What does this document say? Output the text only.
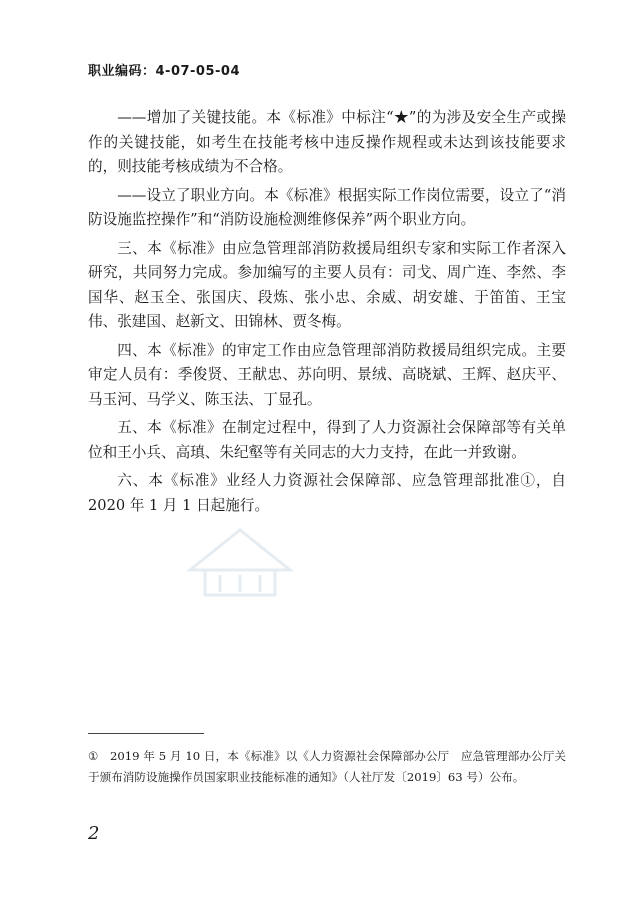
职业编码：4-07-05-04

——增加了关键技能。本《标准》中标注“★”的为涉及安全生产或操作的关键技能，如考生在技能考核中违反操作规程或未达到该技能要求的，则技能考核成绩为不合格。

——设立了职业方向。本《标准》根据实际工作岗位需要，设立了“消防设施监控操作”和“消防设施检测维修保养”两个职业方向。

三、本《标准》由应急管理部消防救援局组织专家和实际工作者深入研究，共同努力完成。参加编写的主要人员有：司戈、周广连、李然、李国华、赵玉全、张国庆、段炼、张小忠、余威、胡安雄、于笛笛、王宝伟、张建国、赵新文、田锦林、贾冬梅。

四、本《标准》的审定工作由应急管理部消防救援局组织完成。主要审定人员有：季俊贤、王献忠、苏向明、景绒、高晓斌、王辉、赵庆平、马玉河、马学义、陈玉法、丁显孔。

五、本《标准》在制定过程中，得到了人力资源社会保障部等有关单位和王小兵、高瑱、朱纪壑等有关同志的大力支持，在此一并致谢。

六、本《标准》业经人力资源社会保障部、应急管理部批准①，自 2020 年 1 月 1 日起施行。

① 2019 年 5 月 10 日，本《标准》以《人力资源社会保障部办公厅　应急管理部办公厅关于颁布消防设施操作员国家职业技能标准的通知》（人社厅发〔2019〕63 号）公布。
2
